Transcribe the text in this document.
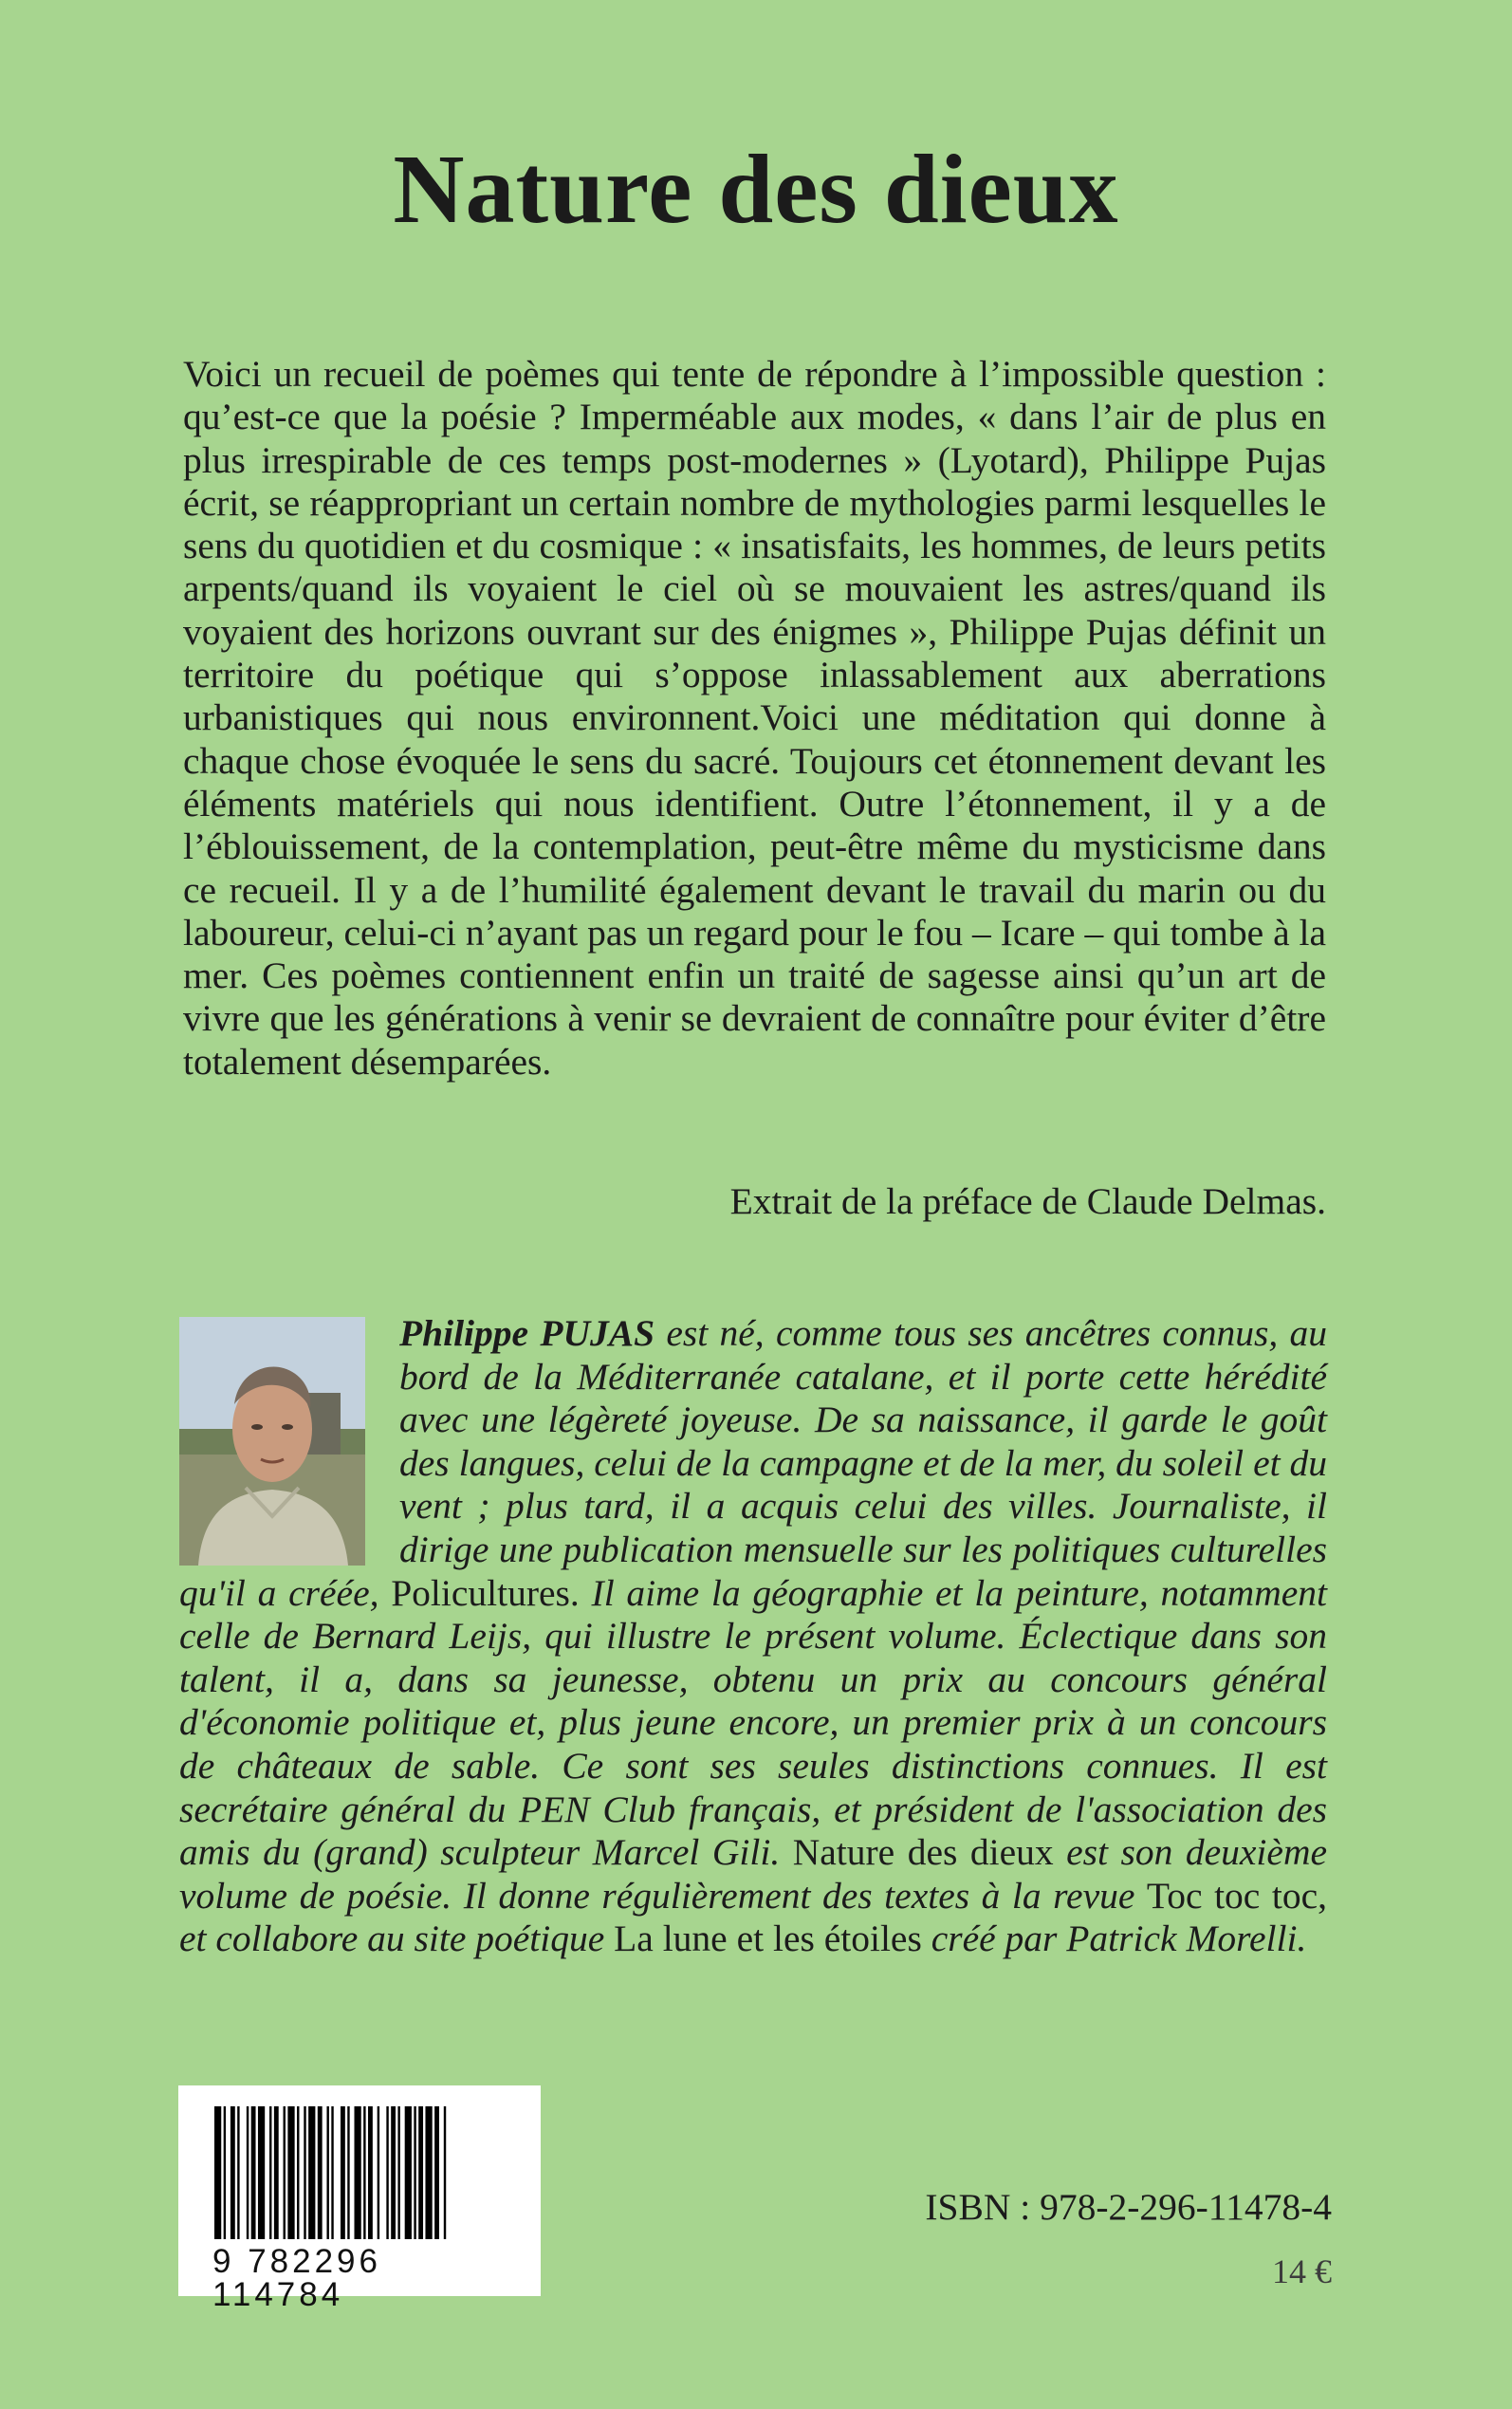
Nature des dieux

Voici un recueil de poèmes qui tente de répondre à l’impossible question : qu’est-ce que la poésie ? Imperméable aux modes, « dans l’air de plus en plus irrespirable de ces temps post-modernes » (Lyotard), Philippe Pujas écrit, se réappropriant un certain nombre de mythologies parmi lesquelles le sens du quotidien et du cosmique : « insatisfaits, les hommes, de leurs petits arpents/quand ils voyaient le ciel où se mouvaient les astres/quand ils voyaient des horizons ouvrant sur des énigmes », Philippe Pujas définit un territoire du poétique qui s’oppose inlassablement aux aberrations urbanistiques qui nous environnent.Voici une méditation qui donne à chaque chose évoquée le sens du sacré. Toujours cet étonnement devant les éléments matériels qui nous identifient. Outre l’étonnement, il y a de l’éblouissement, de la contemplation, peut-être même du mysticisme dans ce recueil. Il y a de l’humilité également devant le travail du marin ou du laboureur, celui-ci n’ayant pas un regard pour le fou – Icare – qui tombe à la mer. Ces poèmes contiennent enfin un traité de sagesse ainsi qu’un art de vivre que les générations à venir se devraient de connaître pour éviter d’être totalement désemparées.

Extrait de la préface de Claude Delmas.

Philippe PUJAS est né, comme tous ses ancêtres connus, au bord de la Méditerranée catalane, et il porte cette hérédité avec une légèreté joyeuse. De sa naissance, il garde le goût des langues, celui de la campagne et de la mer, du soleil et du vent ; plus tard, il a acquis celui des villes. Journaliste, il dirige une publication mensuelle sur les politiques culturelles qu'il a créée, Policultures. Il aime la géographie et la peinture, notamment celle de Bernard Leijs, qui illustre le présent volume. Éclectique dans son talent, il a, dans sa jeunesse, obtenu un prix au concours général d'économie politique et, plus jeune encore, un premier prix à un concours de châteaux de sable. Ce sont ses seules distinctions connues. Il est secrétaire général du PEN Club français, et président de l'association des amis du (grand) sculpteur Marcel Gili. Nature des dieux est son deuxième volume de poésie. Il donne régulièrement des textes à la revue Toc toc toc, et collabore au site poétique La lune et les étoiles créé par Patrick Morelli.

9 782296 114784

ISBN : 978-2-296-11478-4

14 €
